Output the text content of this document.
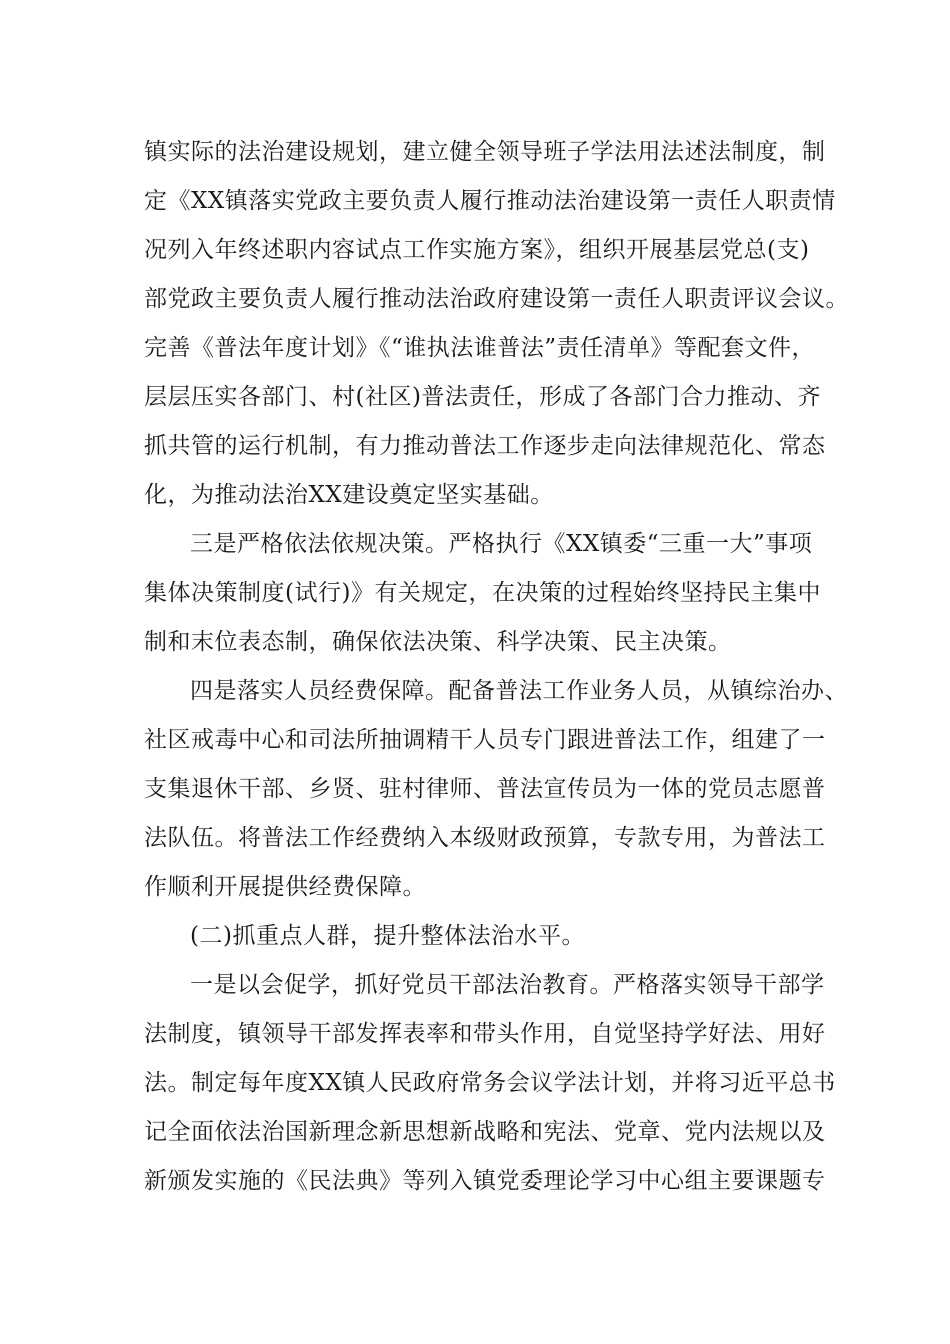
镇实际的法治建设规划，建立健全领导班子学法用法述法制度，制
定《XX镇落实党政主要负责人履行推动法治建设第一责任人职责情
况列入年终述职内容试点工作实施方案》，组织开展基层党总(支)
部党政主要负责人履行推动法治政府建设第一责任人职责评议会议。
完善《普法年度计划》《“谁执法谁普法”责任清单》等配套文件，
层层压实各部门、村(社区)普法责任，形成了各部门合力推动、齐
抓共管的运行机制，有力推动普法工作逐步走向法律规范化、常态
化，为推动法治XX建设奠定坚实基础。
三是严格依法依规决策。严格执行《XX镇委“三重一大”事项
集体决策制度(试行)》有关规定，在决策的过程始终坚持民主集中
制和末位表态制，确保依法决策、科学决策、民主决策。
四是落实人员经费保障。配备普法工作业务人员，从镇综治办、
社区戒毒中心和司法所抽调精干人员专门跟进普法工作，组建了一
支集退休干部、乡贤、驻村律师、普法宣传员为一体的党员志愿普
法队伍。将普法工作经费纳入本级财政预算，专款专用，为普法工
作顺利开展提供经费保障。
(二)抓重点人群，提升整体法治水平。
一是以会促学，抓好党员干部法治教育。严格落实领导干部学
法制度，镇领导干部发挥表率和带头作用，自觉坚持学好法、用好
法。制定每年度XX镇人民政府常务会议学法计划，并将习近平总书
记全面依法治国新理念新思想新战略和宪法、党章、党内法规以及
新颁发实施的《民法典》等列入镇党委理论学习中心组主要课题专
